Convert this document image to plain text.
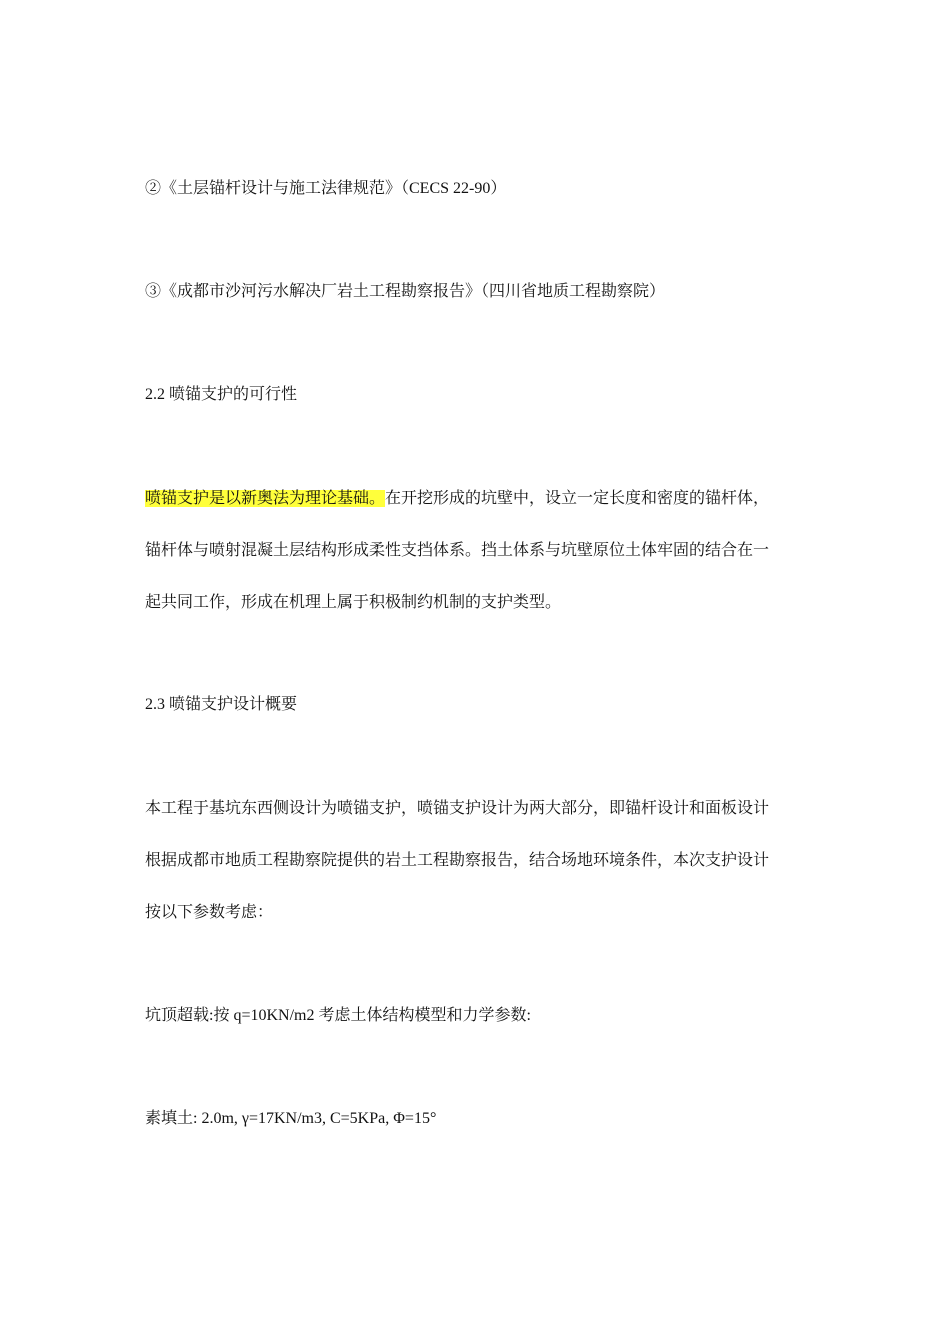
②《土层锚杆设计与施工法律规范》（CECS 22-90）
③《成都市沙河污水解决厂岩土工程勘察报告》（四川省地质工程勘察院）
2.2 喷锚支护的可行性
喷锚支护是以新奥法为理论基础。在开挖形成的坑壁中，设立一定长度和密度的锚杆体，
锚杆体与喷射混凝土层结构形成柔性支挡体系。挡土体系与坑壁原位土体牢固的结合在一
起共同工作，形成在机理上属于积极制约机制的支护类型。
2.3 喷锚支护设计概要
本工程于基坑东西侧设计为喷锚支护，喷锚支护设计为两大部分，即锚杆设计和面板设计
根据成都市地质工程勘察院提供的岩土工程勘察报告，结合场地环境条件，本次支护设计
按以下参数考虑：
坑顶超载:按 q=10KN/m2 考虑土体结构模型和力学参数:
素填土: 2.0m, γ=17KN/m3, C=5KPa, Φ=15°
